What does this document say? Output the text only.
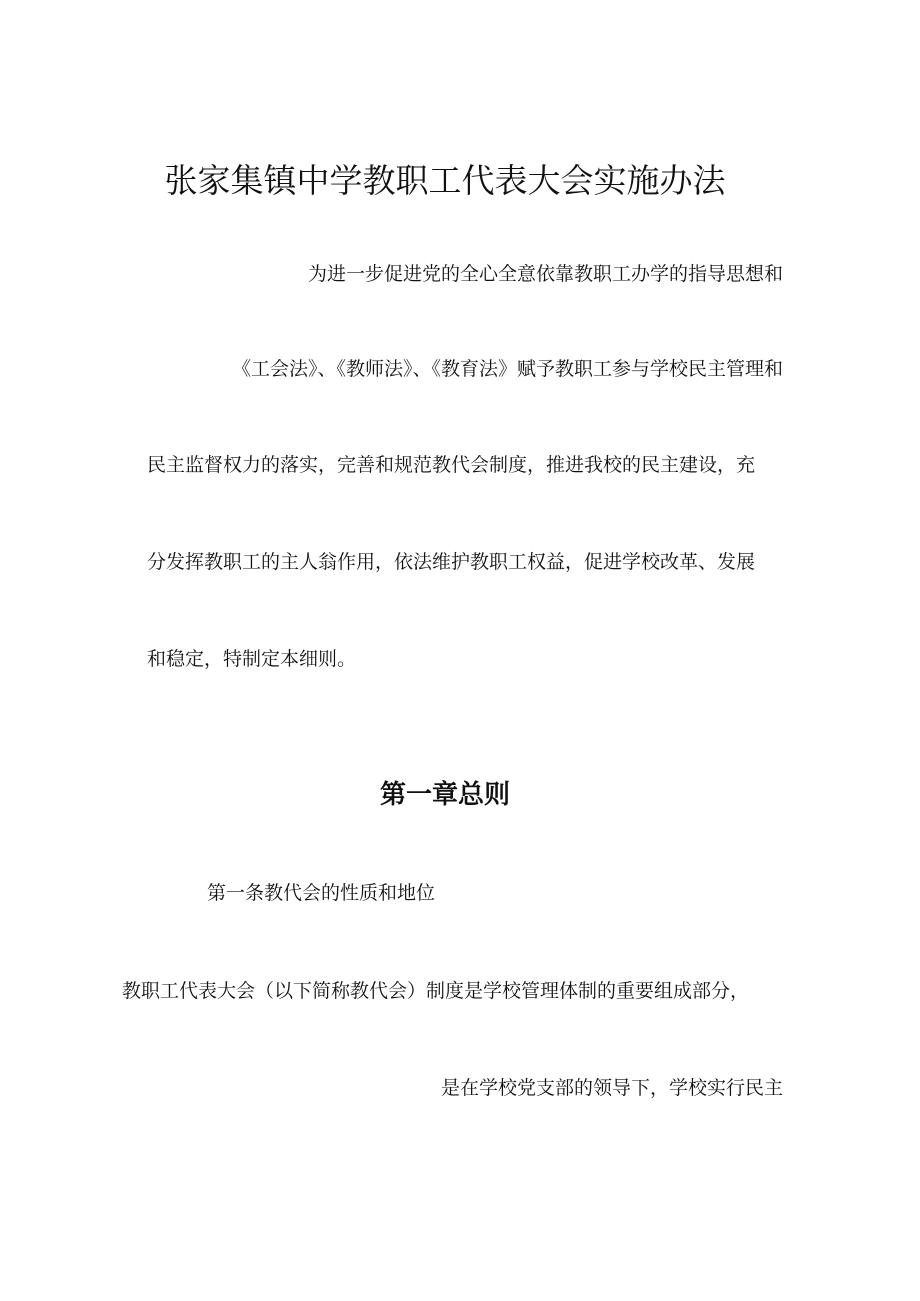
张家集镇中学教职工代表大会实施办法

为进一步促进党的全心全意依靠教职工办学的指导思想和

《工会法》、《教师法》、《教育法》赋予教职工参与学校民主管理和

民主监督权力的落实，完善和规范教代会制度，推进我校的民主建设，充

分发挥教职工的主人翁作用，依法维护教职工权益，促进学校改革、发展

和稳定，特制定本细则。

第一章总则

第一条教代会的性质和地位

教职工代表大会（以下简称教代会）制度是学校管理体制的重要组成部分，

是在学校党支部的领导下，学校实行民主
